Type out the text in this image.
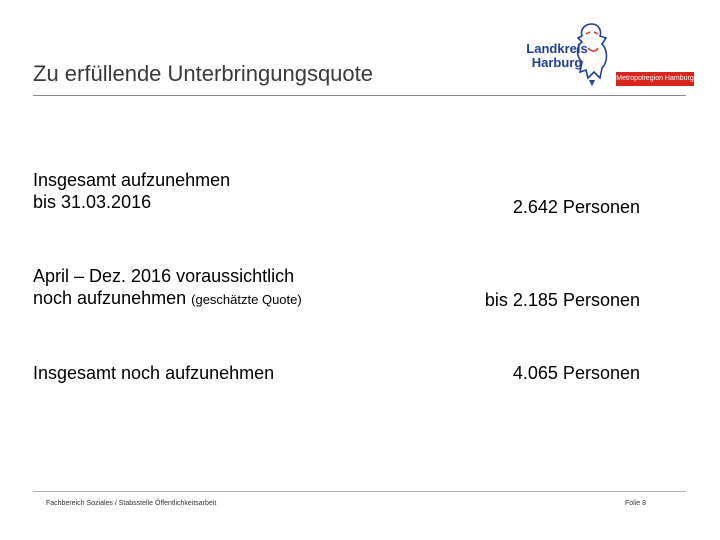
Zu erfüllende Unterbringungsquote
Landkreis
Harburg
Metropolregion Hamburg
Insgesamt aufzunehmen
bis 31.03.2016	2.642 Personen
April – Dez. 2016 voraussichtlich
noch aufzunehmen (geschätzte Quote)	bis 2.185 Personen
Insgesamt noch aufzunehmen	4.065 Personen
Fachbereich Soziales / Stabsstelle Öffentlichkeitsarbeit	Folie 8
